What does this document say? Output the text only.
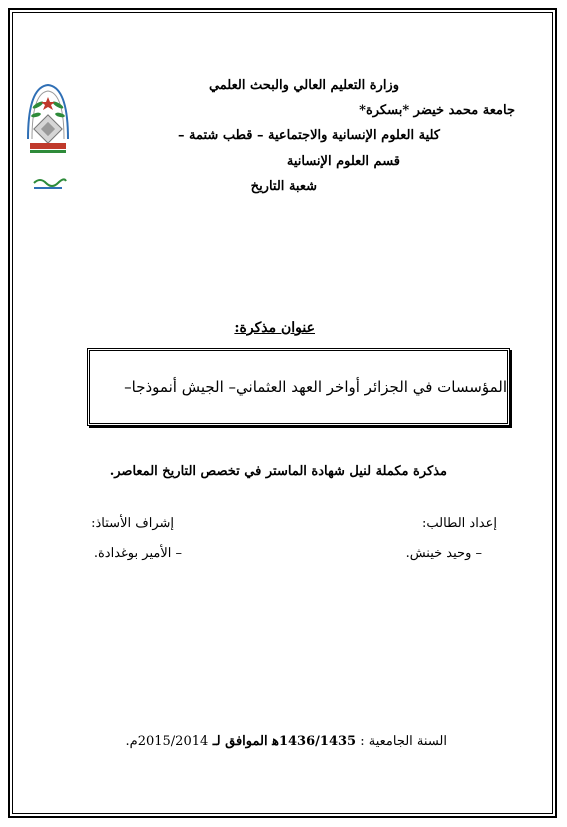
وزارة التعليم العالي والبحث العلمي
جامعة محمد خيضر *بسكرة*
كلية العلوم الإنسانية والاجتماعية – قطب شتمة –
قسم العلوم الإنسانية
شعبة التاريخ
عنوان مذكرة:
المؤسسات في الجزائر أواخر العهد العثماني– الجيش أنموذجا–
مذكرة مكملة لنيل شهادة الماستر في تخصص التاريخ المعاصر.
إعداد الطالب:
إشراف الأستاذ:
– وحيد خينش.
– الأمير بوغدادة.
السنة الجامعية : 1436/1435ﻫ الموافق لـ 2015/2014م.
